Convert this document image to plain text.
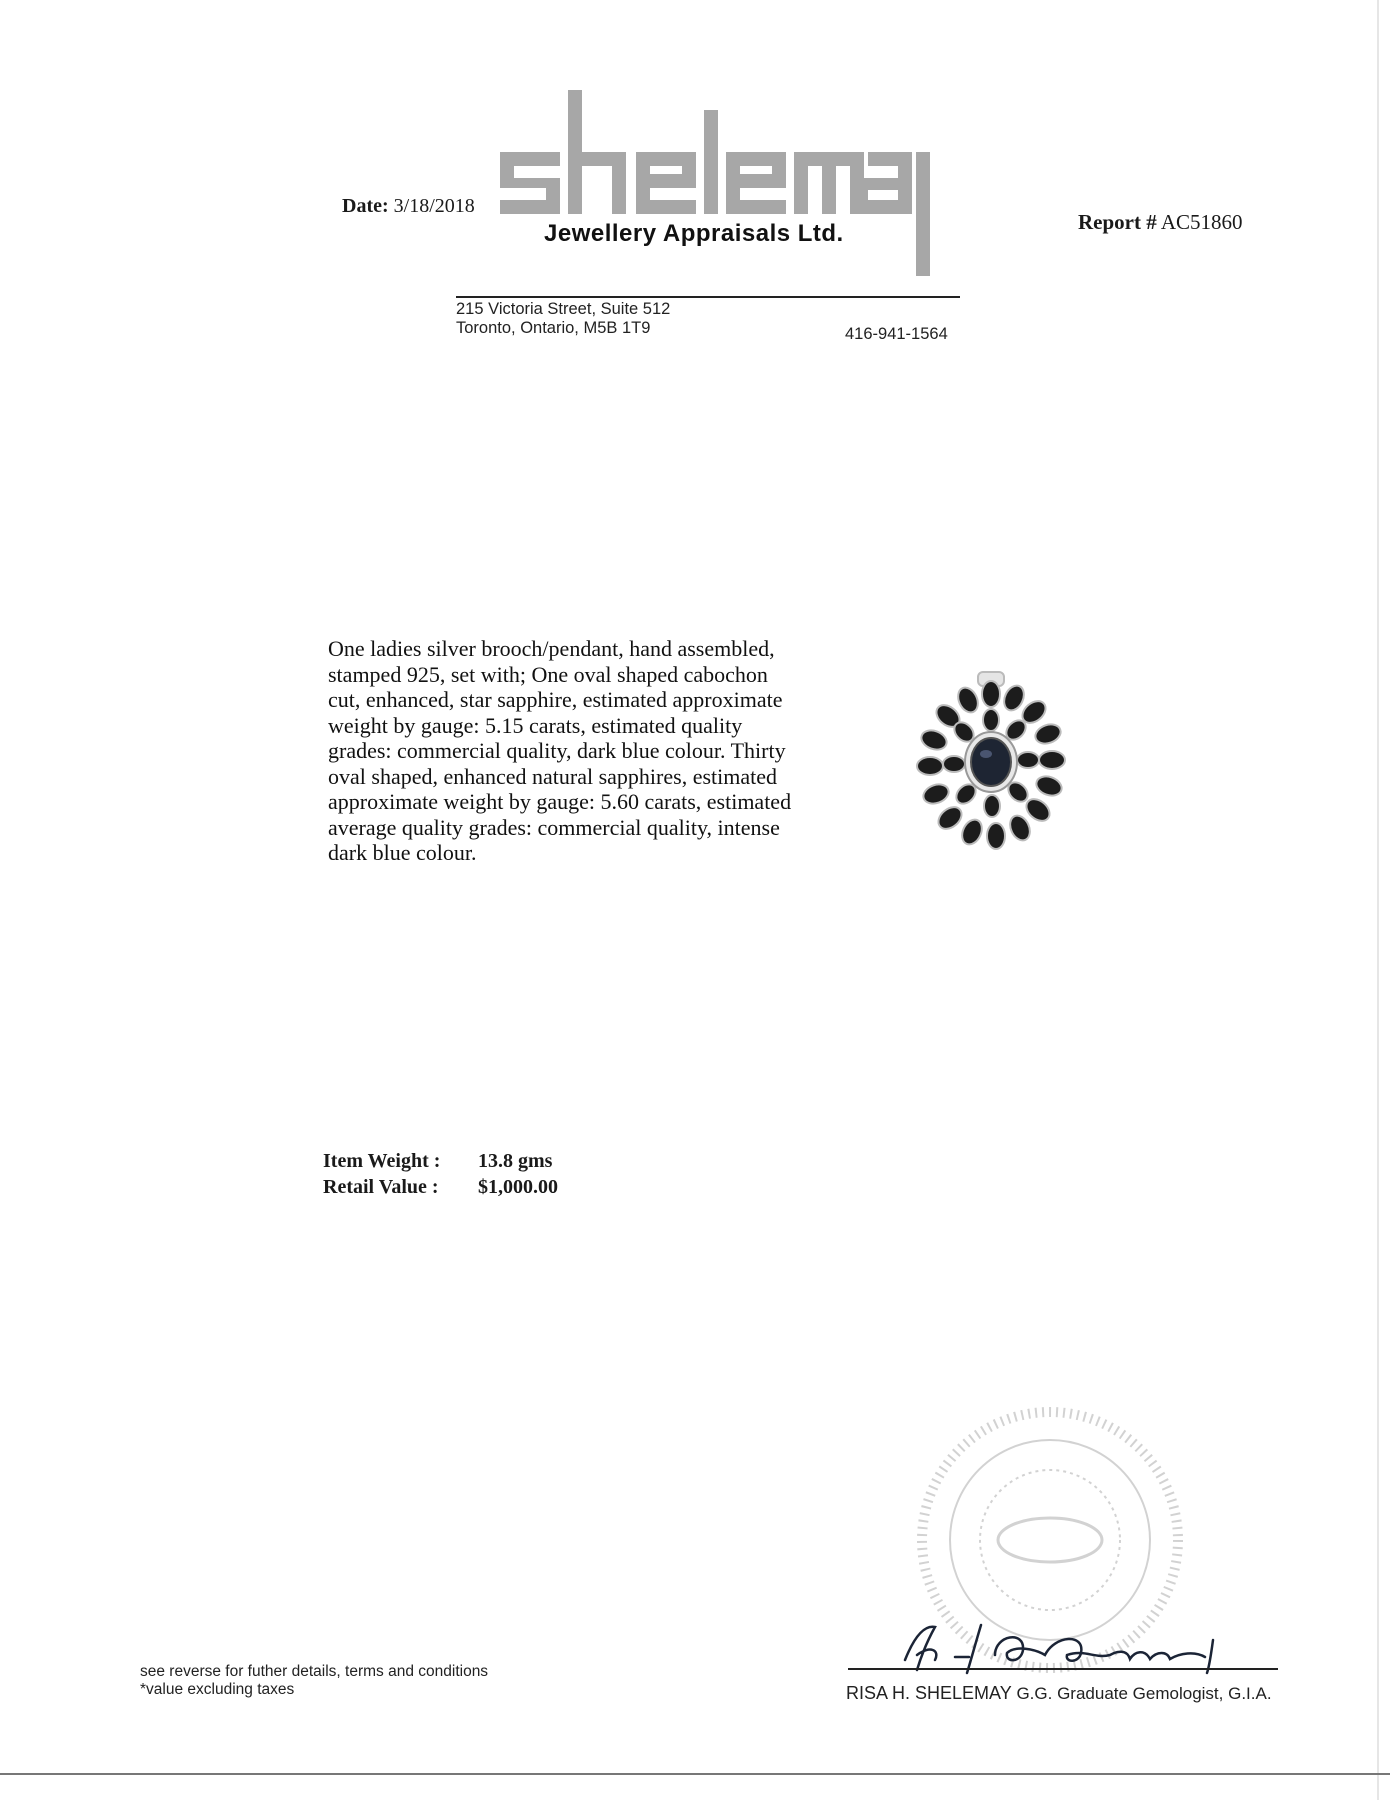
Date: 3/18/2018
Jewellery Appraisals Ltd.	Report # AC51860
215 Victoria Street, Suite 512
Toronto, Ontario, M5B 1T9	416-941-1564
One ladies silver brooch/pendant, hand assembled,
stamped 925, set with; One oval shaped cabochon
cut, enhanced, star sapphire, estimated approximate
weight by gauge: 5.15 carats, estimated quality
grades: commercial quality, dark blue colour. Thirty
oval shaped, enhanced natural sapphires, estimated
approximate weight by gauge: 5.60 carats, estimated
average quality grades: commercial quality, intense
dark blue colour.
Item Weight : 13.8 gms
Retail Value : $1,000.00
RISA H. SHELEMAY G.G. Graduate Gemologist, G.I.A.
see reverse for futher details, terms and conditions
*value excluding taxes
